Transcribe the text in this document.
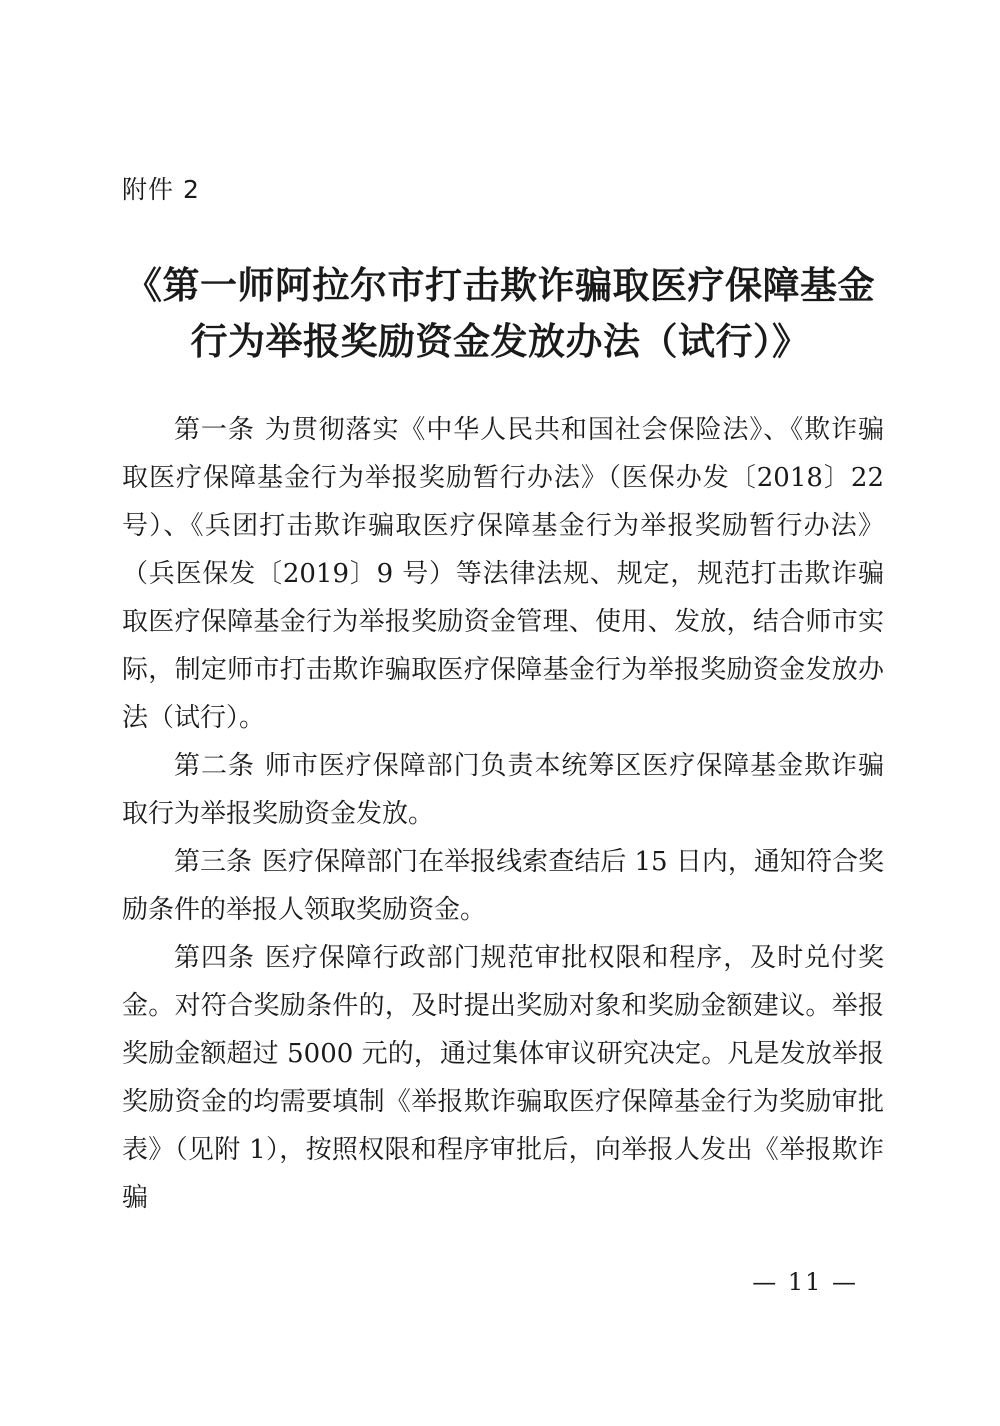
附件 2
《第一师阿拉尔市打击欺诈骗取医疗保障基金
行为举报奖励资金发放办法（试行）》

第一条 为贯彻落实《中华人民共和国社会保险法》、《欺诈骗取医疗保障基金行为举报奖励暂行办法》（医保办发〔2018〕22 号）、《兵团打击欺诈骗取医疗保障基金行为举报奖励暂行办法》（兵医保发〔2019〕9 号）等法律法规、规定，规范打击欺诈骗取医疗保障基金行为举报奖励资金管理、使用、发放，结合师市实际，制定师市打击欺诈骗取医疗保障基金行为举报奖励资金发放办法（试行）。

第二条 师市医疗保障部门负责本统筹区医疗保障基金欺诈骗取行为举报奖励资金发放。

第三条 医疗保障部门在举报线索查结后 15 日内，通知符合奖励条件的举报人领取奖励资金。

第四条 医疗保障行政部门规范审批权限和程序，及时兑付奖金。对符合奖励条件的，及时提出奖励对象和奖励金额建议。举报奖励金额超过 5000 元的，通过集体审议研究决定。凡是发放举报奖励资金的均需要填制《举报欺诈骗取医疗保障基金行为奖励审批表》（见附 1），按照权限和程序审批后，向举报人发出《举报欺诈骗

— 11 —
